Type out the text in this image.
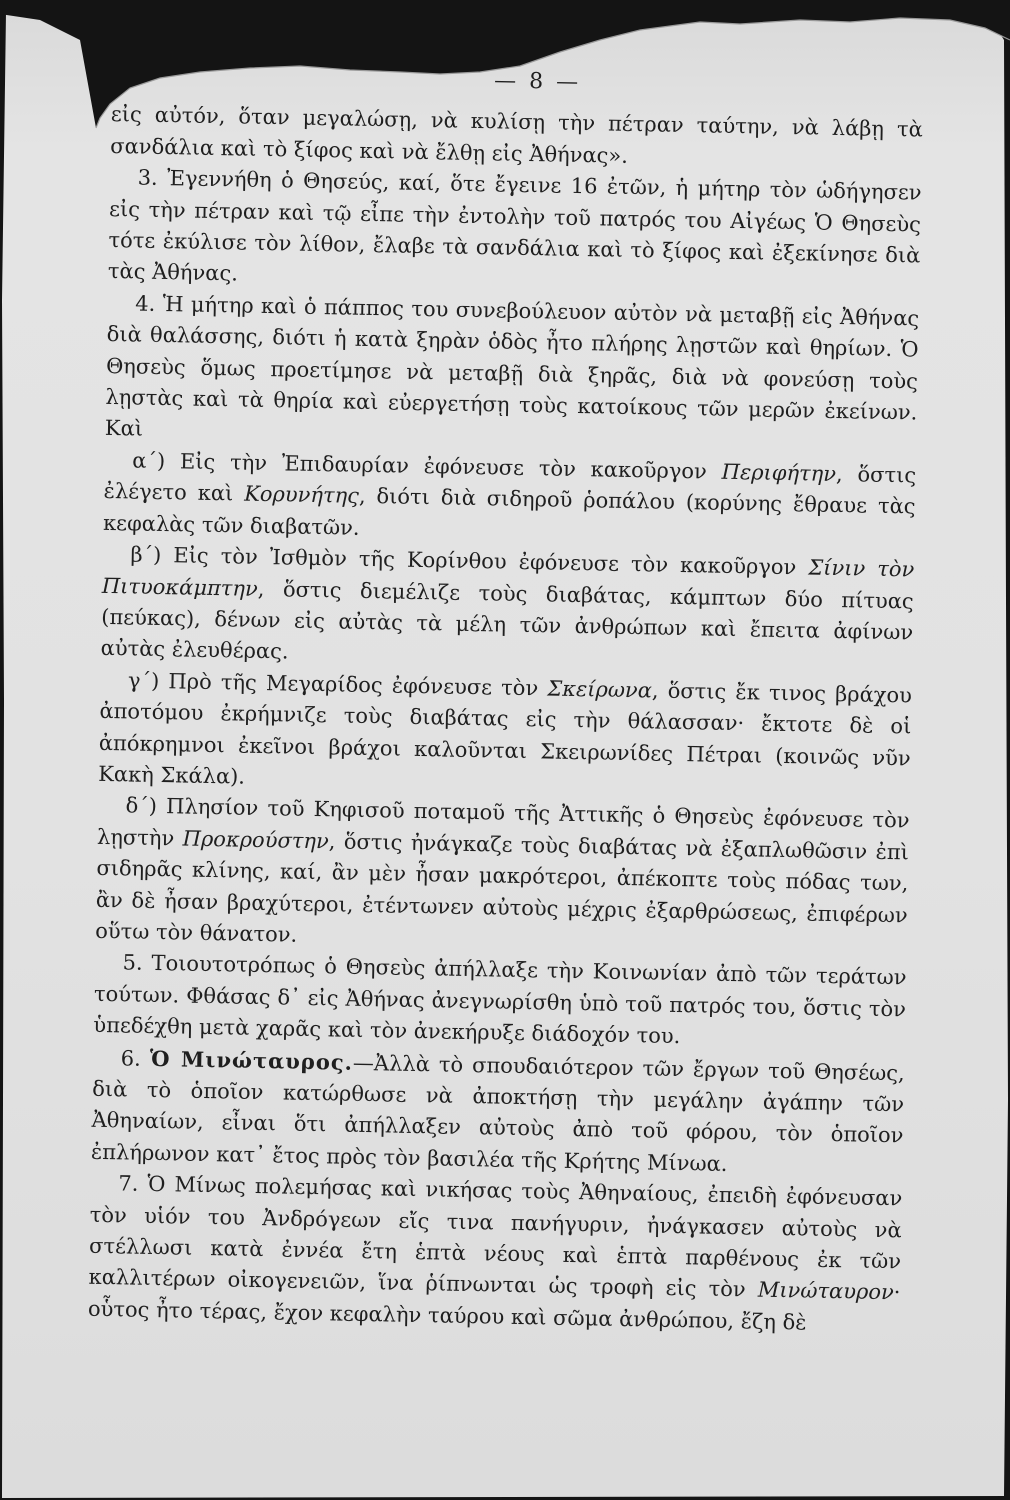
— 8 —

εἰς αὐτόν, ὅταν μεγαλώσῃ, νὰ κυλίσῃ τὴν πέτραν ταύτην, νὰ λάβῃ τὰ σανδάλια καὶ τὸ ξίφος καὶ νὰ ἔλθῃ εἰς Ἀθήνας».

3. Ἐγεννήθη ὁ Θησεύς, καί, ὅτε ἔγεινε 16 ἐτῶν, ἡ μήτηρ τὸν ὡδήγησεν εἰς τὴν πέτραν καὶ τῷ εἶπε τὴν ἐντολὴν τοῦ πατρός του Αἰγέως Ὁ Θησεὺς τότε ἐκύλισε τὸν λίθον, ἔλαβε τὰ σανδάλια καὶ τὸ ξίφος καὶ ἐξεκίνησε διὰ τὰς Ἀθήνας.

4. Ἡ μήτηρ καὶ ὁ πάππος του συνεβούλευον αὐτὸν νὰ μεταβῇ εἰς Ἀθήνας διὰ θαλάσσης, διότι ἡ κατὰ ξηρὰν ὁδὸς ἦτο πλήρης λῃστῶν καὶ θηρίων. Ὁ Θησεὺς ὅμως προετίμησε νὰ μεταβῇ διὰ ξηρᾶς, διὰ νὰ φονεύσῃ τοὺς λῃστὰς καὶ τὰ θηρία καὶ εὐεργετήσῃ τοὺς κατοίκους τῶν μερῶν ἐκείνων. Καὶ

α΄) Εἰς τὴν Ἐπιδαυρίαν ἐφόνευσε τὸν κακοῦργον Περιφήτην, ὅστις ἐλέγετο καὶ Κορυνήτης, διότι διὰ σιδηροῦ ῥοπάλου (κορύνης ἔθραυε τὰς κεφαλὰς τῶν διαβατῶν.

β΄) Εἰς τὸν Ἰσθμὸν τῆς Κορίνθου ἐφόνευσε τὸν κακοῦργον Σίνιν τὸν Πιτυοκάμπτην, ὅστις διεμέλιζε τοὺς διαβάτας, κάμπτων δύο πίτυας (πεύκας), δένων εἰς αὐτὰς τὰ μέλη τῶν ἀνθρώπων καὶ ἔπειτα ἀφίνων αὐτὰς ἐλευθέρας.

γ΄) Πρὸ τῆς Μεγαρίδος ἐφόνευσε τὸν Σκείρωνα, ὅστις ἔκ τινος βράχου ἀποτόμου ἐκρήμνιζε τοὺς διαβάτας εἰς τὴν θάλασσαν· ἔκτοτε δὲ οἱ ἀπόκρημνοι ἐκεῖνοι βράχοι καλοῦνται Σκειρωνίδες Πέτραι (κοινῶς νῦν Κακὴ Σκάλα).

δ΄) Πλησίον τοῦ Κηφισοῦ ποταμοῦ τῆς Ἀττικῆς ὁ Θησεὺς ἐφόνευσε τὸν λῃστὴν Προκρούστην, ὅστις ἠνάγκαζε τοὺς διαβάτας νὰ ἐξαπλωθῶσιν ἐπὶ σιδηρᾶς κλίνης, καί, ἂν μὲν ἦσαν μακρότεροι, ἀπέκοπτε τοὺς πόδας των, ἂν δὲ ἦσαν βραχύτεροι, ἐτέντωνεν αὐτοὺς μέχρις ἐξαρθρώσεως, ἐπιφέρων οὕτω τὸν θάνατον.

5. Τοιουτοτρόπως ὁ Θησεὺς ἀπήλλαξε τὴν Κοινωνίαν ἀπὸ τῶν τεράτων τούτων. Φθάσας δ᾽ εἰς Ἀθήνας ἀνεγνωρίσθη ὑπὸ τοῦ πατρός του, ὅστις τὸν ὑπεδέχθη μετὰ χαρᾶς καὶ τὸν ἀνεκήρυξε διάδοχόν του.

6. Ὁ Μινώταυρος.—Ἀλλὰ τὸ σπουδαιότερον τῶν ἔργων τοῦ Θησέως, διὰ τὸ ὁποῖον κατώρθωσε νὰ ἀποκτήσῃ τὴν μεγάλην ἀγάπην τῶν Ἀθηναίων, εἶναι ὅτι ἀπήλλαξεν αὐτοὺς ἀπὸ τοῦ φόρου, τὸν ὁποῖον ἐπλήρωνον κατ᾽ ἔτος πρὸς τὸν βασιλέα τῆς Κρήτης Μίνωα.

7. Ὁ Μίνως πολεμήσας καὶ νικήσας τοὺς Ἀθηναίους, ἐπειδὴ ἐφόνευσαν τὸν υἱόν του Ἀνδρόγεων εἴς τινα πανήγυριν, ἠνάγκασεν αὐτοὺς νὰ στέλλωσι κατὰ ἐννέα ἔτη ἑπτὰ νέους καὶ ἑπτὰ παρθένους ἐκ τῶν καλλιτέρων οἰκογενειῶν, ἵνα ῥίπνωνται ὡς τροφὴ εἰς τὸν Μινώταυρον· οὗτος ἦτο τέρας, ἔχον κεφαλὴν ταύρου καὶ σῶμα ἀνθρώπου, ἔζη δὲ
